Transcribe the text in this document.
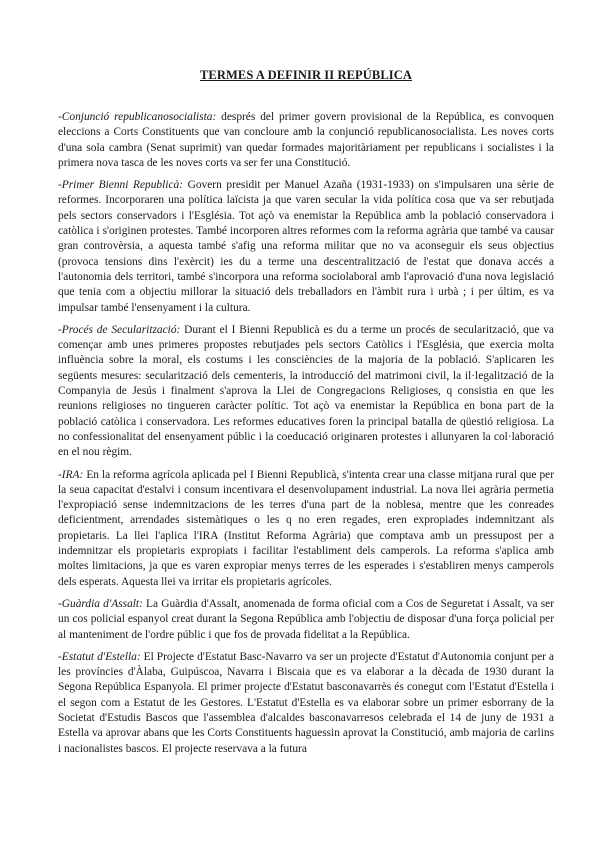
TERMES A DEFINIR II REPÚBLICA

-Conjunció republicanosocialista: després del primer govern provisional de la República, es convoquen eleccions a Corts Constituents que van concloure amb la conjunció republicanosocialista. Les noves corts d'una sola cambra (Senat suprimit) van quedar formades majoritàriament per republicans i socialistes i la primera nova tasca de les noves corts va ser fer una Constitució.

-Primer Bienni Republicà: Govern presidit per Manuel Azaña (1931-1933) on s'impulsaren una sèrie de reformes. Incorporaren una política laïcista ja que varen secular la vida política cosa que va ser rebutjada pels sectors conservadors i l'Església. Tot açò va enemistar la República amb la població conservadora i catòlica i s'originen protestes. També incorporen altres reformes com la reforma agrària que també va causar gran controvèrsia, a aquesta també s'afig una reforma militar que no va aconseguir els seus objectius (provoca tensions dins l'exèrcit) ies du a terme una descentralització de l'estat que donava accés a l'autonomia dels territori, també s'incorpora una reforma sociolaboral amb l'aprovació d'una nova legislació que tenia com a objectiu millorar la situació dels treballadors en l'àmbit rura i urbà ; i per últim, es va impulsar també l'ensenyament i la cultura.

-Procés de Secularització: Durant el I Bienni Republicà es du a terme un procés de secularització, que va començar amb unes primeres propostes rebutjades pels sectors Catòlics i l'Església, que exercia molta influència sobre la moral, els costums i les consciències de la majoria de la població. S'aplicaren les següents mesures: secularització dels cementeris, la introducció del matrimoni civil, la il·legalització de la Companyia de Jesús i finalment s'aprova la Llei de Congregacions Religioses, q consistia en que les reunions religioses no tingueren caràcter polític. Tot açò va enemistar la República en bona part de la població catòlica i conservadora. Les reformes educatives foren la principal batalla de qüestió religiosa. La no confessionalitat del ensenyament públic i la coeducació originaren protestes i allunyaren la col·laboració en el nou règim.

-IRA: En la reforma agrícola aplicada pel I Bienni Republicà, s'intenta crear una classe mitjana rural que per la seua capacitat d'estalvi i consum incentivara el desenvolupament industrial. La nova llei agrària permetia l'expropiació sense indemnitzacions de les terres d'una part de la noblesa, mentre que les conreades deficientment, arrendades sistemàtiques o les q no eren regades, eren expropiades indemnitzant als propietaris. La llei l'aplica l'IRA (Institut Reforma Agrària) que comptava amb un pressupost per a indemnitzar els propietaris expropiats i facilitar l'establiment dels camperols. La reforma s'aplica amb moltes limitacions, ja que es varen expropiar menys terres de les esperades i s'establiren menys camperols dels esperats. Aquesta llei va irritar els propietaris agrícoles.

-Guàrdia d'Assalt: La Guàrdia d'Assalt, anomenada de forma oficial com a Cos de Seguretat i Assalt, va ser un cos policial espanyol creat durant la Segona República amb l'objectiu de disposar d'una força policial per al manteniment de l'ordre públic i que fos de provada fidelitat a la República.

-Estatut d'Estella: El Projecte d'Estatut Basc-Navarro va ser un projecte d'Estatut d'Autonomia conjunt per a les províncies d'Àlaba, Guipúscoa, Navarra i Biscaia que es va elaborar a la dècada de 1930 durant la Segona República Espanyola. El primer projecte d'Estatut basconavarrès és conegut com l'Estatut d'Estella i el segon com a Estatut de les Gestores. L'Estatut d'Estella es va elaborar sobre un primer esborrany de la Societat d'Estudis Bascos que l'assemblea d'alcaldes basconavarresos celebrada el 14 de juny de 1931 a Estella va aprovar abans que les Corts Constituents haguessin aprovat la Constitució, amb majoria de carlins i nacionalistes bascos. El projecte reservava a la futura
